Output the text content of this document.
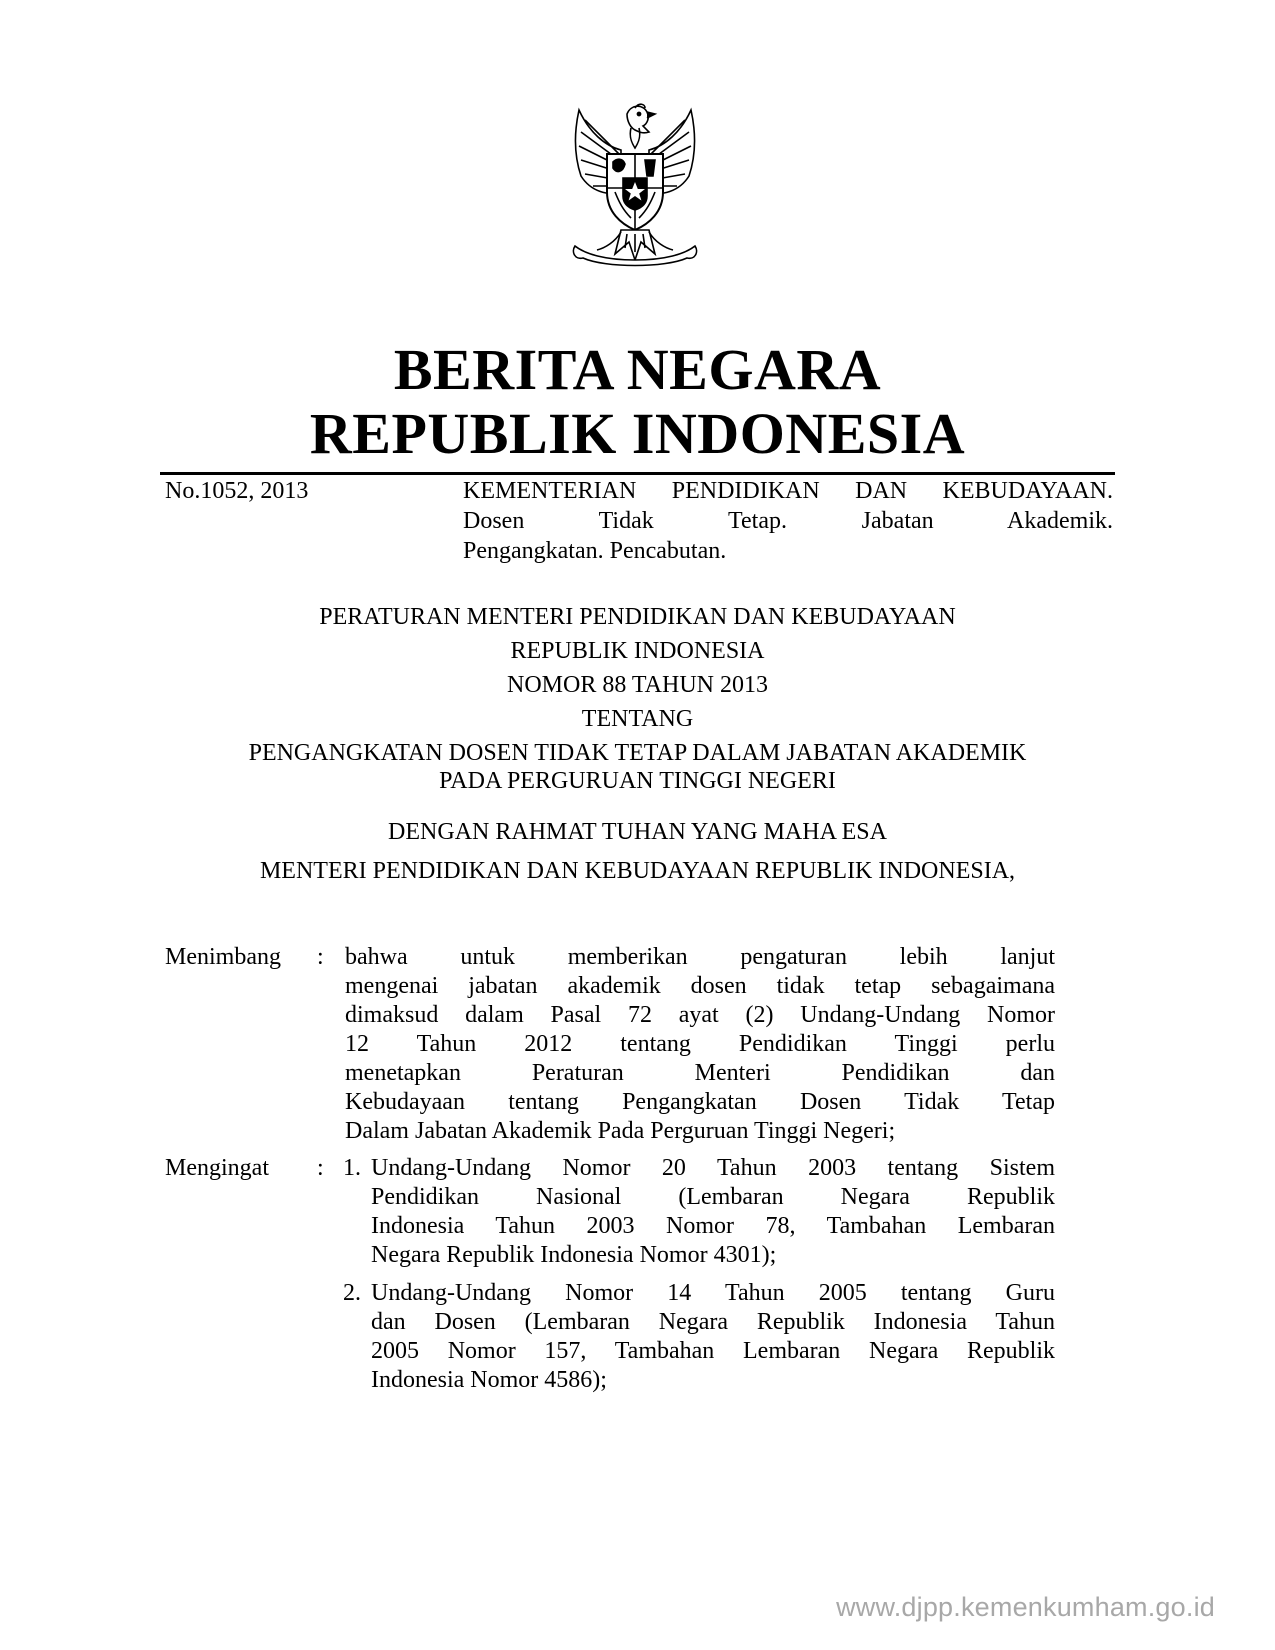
BERITA NEGARA
REPUBLIK INDONESIA
No.1052, 2013	KEMENTERIAN PENDIDIKAN DAN KEBUDAYAAN.
Dosen Tidak Tetap. Jabatan Akademik.
Pengangkatan. Pencabutan.
PERATURAN MENTERI PENDIDIKAN DAN KEBUDAYAAN
REPUBLIK INDONESIA
NOMOR 88 TAHUN 2013
TENTANG
PENGANGKATAN DOSEN TIDAK TETAP DALAM JABATAN AKADEMIK
PADA PERGURUAN TINGGI NEGERI
DENGAN RAHMAT TUHAN YANG MAHA ESA
MENTERI PENDIDIKAN DAN KEBUDAYAAN REPUBLIK INDONESIA,
Menimbang : bahwa untuk memberikan pengaturan lebih lanjut
mengenai jabatan akademik dosen tidak tetap sebagaimana
dimaksud dalam Pasal 72 ayat (2) Undang-Undang Nomor
12 Tahun 2012 tentang Pendidikan Tinggi perlu
menetapkan Peraturan Menteri Pendidikan dan
Kebudayaan tentang Pengangkatan Dosen Tidak Tetap
Dalam Jabatan Akademik Pada Perguruan Tinggi Negeri;
Mengingat : 1. Undang-Undang Nomor 20 Tahun 2003 tentang Sistem
Pendidikan Nasional (Lembaran Negara Republik
Indonesia Tahun 2003 Nomor 78, Tambahan Lembaran
Negara Republik Indonesia Nomor 4301);
2. Undang-Undang Nomor 14 Tahun 2005 tentang Guru
dan Dosen (Lembaran Negara Republik Indonesia Tahun
2005 Nomor 157, Tambahan Lembaran Negara Republik
Indonesia Nomor 4586);
www.djpp.kemenkumham.go.id
